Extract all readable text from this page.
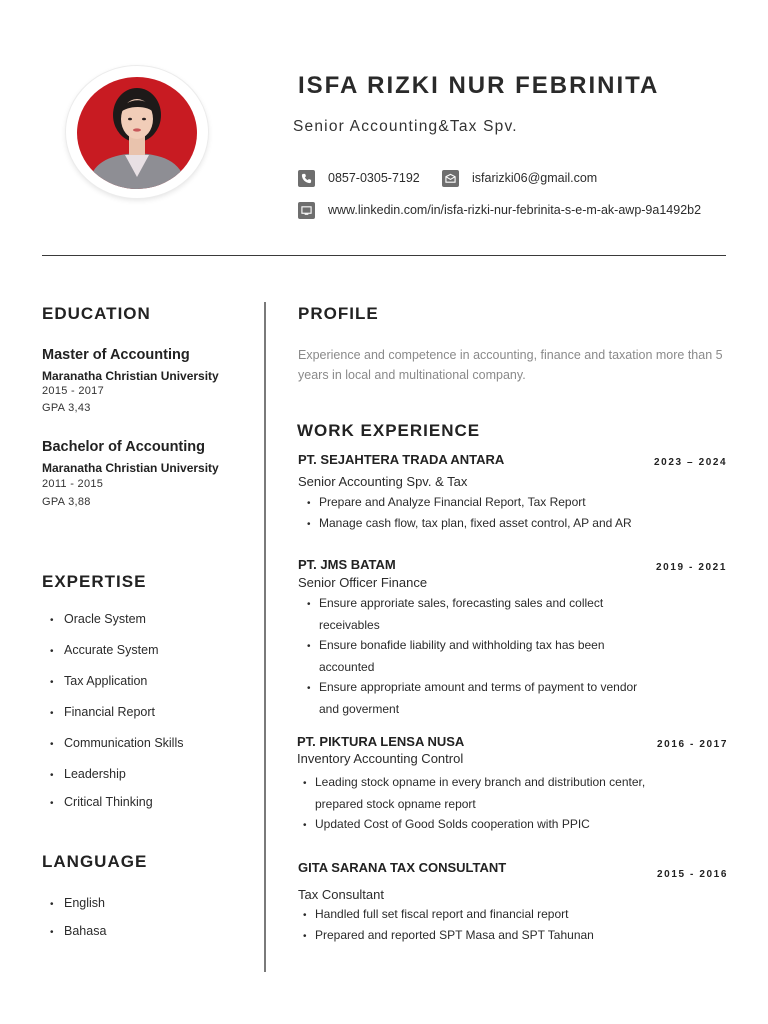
ISFA RIZKI NUR FEBRINITA
Senior Accounting&Tax Spv.
0857-0305-7192	isfarizki06@gmail.com
www.linkedin.com/in/isfa-rizki-nur-febrinita-s-e-m-ak-awp-9a1492b2
EDUCATION
Master of Accounting
Maranatha Christian University
2015 - 2017
GPA 3,43
Bachelor of Accounting
Maranatha Christian University
2011 - 2015
GPA 3,88
EXPERTISE
• Oracle System
• Accurate System
• Tax Application
• Financial Report
• Communication Skills
• Leadership
• Critical Thinking
LANGUAGE
• English
• Bahasa
PROFILE
Experience and competence in accounting, finance and taxation more than 5 years in local and multinational company.
WORK EXPERIENCE
PT. SEJAHTERA TRADA ANTARA	2023 – 2024
Senior Accounting Spv. & Tax
• Prepare and Analyze Financial Report, Tax Report
• Manage cash flow, tax plan, fixed asset control, AP and AR
PT. JMS BATAM	2019 - 2021
Senior Officer Finance
• Ensure approriate sales, forecasting sales and collect
receivables
• Ensure bonafide liability and withholding tax has been
accounted
• Ensure appropriate amount and terms of payment to vendor
and goverment
PT. PIKTURA LENSA NUSA	2016 - 2017
Inventory Accounting Control
• Leading stock opname in every branch and distribution center,
prepared stock opname report
• Updated Cost of Good Solds cooperation with PPIC
GITA SARANA TAX CONSULTANT	2015 - 2016
Tax Consultant
• Handled full set fiscal report and financial report
• Prepared and reported SPT Masa and SPT Tahunan
